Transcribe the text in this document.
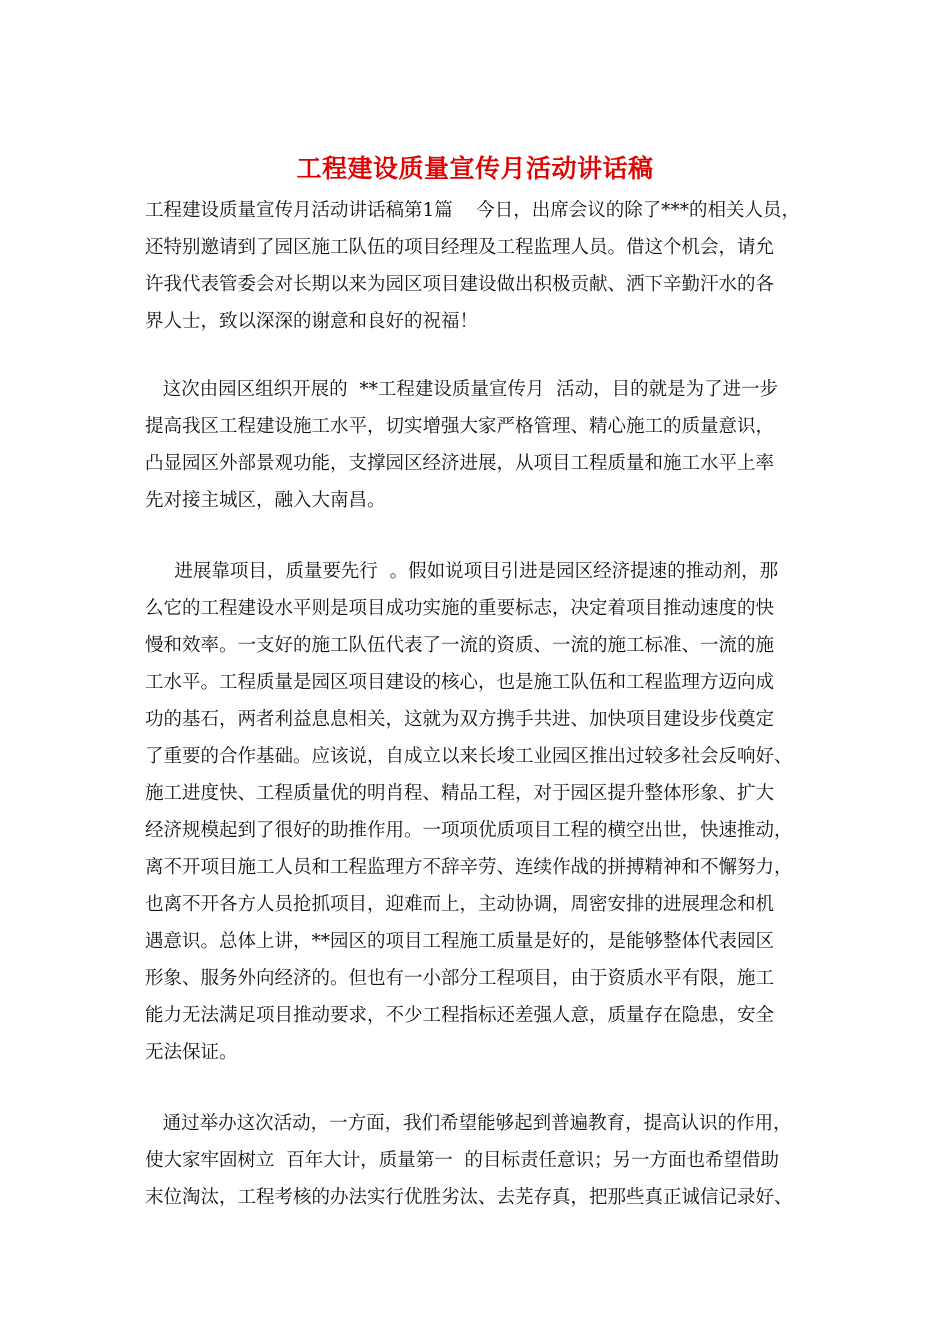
工程建设质量宣传月活动讲话稿
工程建设质量宣传月活动讲话稿第1篇    今日，出席会议的除了***的相关人员，
还特别邀请到了园区施工队伍的项目经理及工程监理人员。借这个机会，请允
许我代表管委会对长期以来为园区项目建设做出积极贡献、洒下辛勤汗水的各
界人士，致以深深的谢意和良好的祝福！
这次由园区组织开展的  **工程建设质量宣传月  活动，目的就是为了进一步
提高我区工程建设施工水平，切实增强大家严格管理、精心施工的质量意识，
凸显园区外部景观功能，支撑园区经济进展，从项目工程质量和施工水平上率
先对接主城区，融入大南昌。
进展靠项目，质量要先行  。假如说项目引进是园区经济提速的推动剂，那
么它的工程建设水平则是项目成功实施的重要标志，决定着项目推动速度的快
慢和效率。一支好的施工队伍代表了一流的资质、一流的施工标准、一流的施
工水平。工程质量是园区项目建设的核心，也是施工队伍和工程监理方迈向成
功的基石，两者利益息息相关，这就为双方携手共进、加快项目建设步伐奠定
了重要的合作基础。应该说，自成立以来长埈工业园区推出过较多社会反响好、
施工进度快、工程质量优的明肖程、精品工程，对于园区提升整体形象、扩大
经济规模起到了很好的助推作用。一项项优质项目工程的横空出世，快速推动，
离不开项目施工人员和工程监理方不辞辛劳、连续作战的拼搏精神和不懈努力，
也离不开各方人员抢抓项目，迎难而上，主动协调，周密安排的进展理念和机
遇意识。总体上讲，**园区的项目工程施工质量是好的，是能够整体代表园区
形象、服务外向经济的。但也有一小部分工程项目，由于资质水平有限，施工
能力无法满足项目推动要求，不少工程指标还差强人意，质量存在隐患，安全
无法保证。
通过举办这次活动，一方面，我们希望能够起到普遍教育，提高认识的作用，
使大家牢固树立  百年大计，质量第一  的目标责任意识；另一方面也希望借助
末位淘汰，工程考核的办法实行优胜劣汰、去芜存真，把那些真正诚信记录好、
